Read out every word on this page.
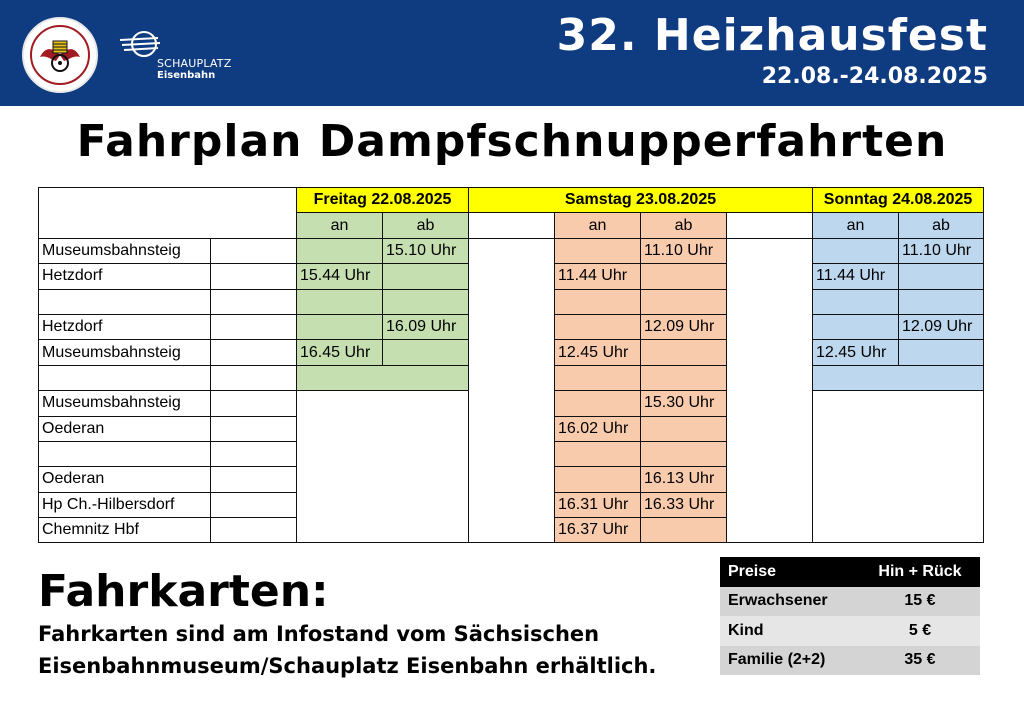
SCHAUPLATZ
Eisenbahn
32. Heizhausfest
22.08.-24.08.2025
Fahrplan Dampfschnupperfahrten
		Freitag 22.08.2025		Samstag 23.08.2025				Sonntag 24.08.2025	
		an	ab		an	ab		an	ab
Museumsbahnsteig			15.10 Uhr			11.10 Uhr			11.10 Uhr
Hetzdorf		15.44 Uhr			11.44 Uhr			11.44 Uhr	

Hetzdorf			16.09 Uhr			12.09 Uhr			12.09 Uhr
Museumsbahnsteig		16.45 Uhr			12.45 Uhr			12.45 Uhr	

Museumsbahnsteig						15.30 Uhr			
Oederan					16.02 Uhr				

Oederan						16.13 Uhr			
Hp Ch.-Hilbersdorf					16.31 Uhr	16.33 Uhr			
Chemnitz Hbf					16.37 Uhr				
Fahrkarten:
Fahrkarten sind am Infostand vom Sächsischen
Eisenbahnmuseum/Schauplatz Eisenbahn erhältlich.
Preise	Hin + Rück
Erwachsener	15 €
Kind	5 €
Familie (2+2)	35 €
